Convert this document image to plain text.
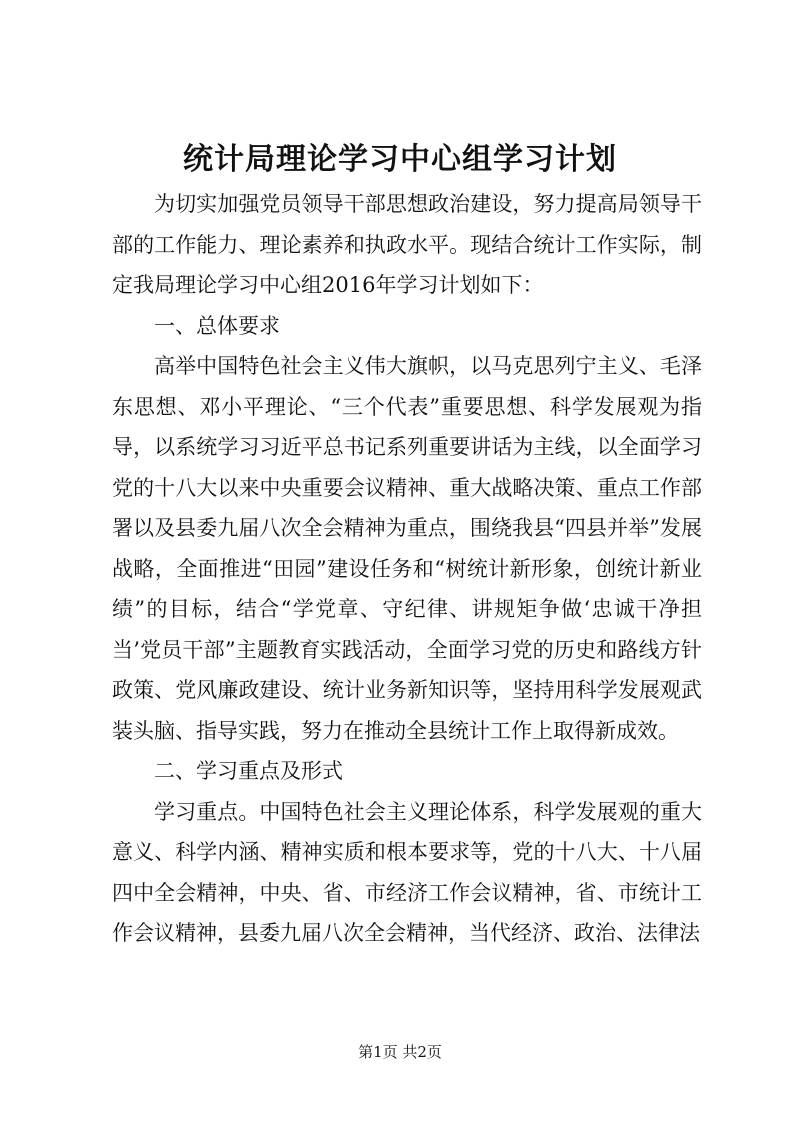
统计局理论学习中心组学习计划

为切实加强党员领导干部思想政治建设，努力提高局领导干部的工作能力、理论素养和执政水平。现结合统计工作实际，制定我局理论学习中心组2016年学习计划如下：

一、总体要求

高举中国特色社会主义伟大旗帜，以马克思列宁主义、毛泽东思想、邓小平理论、“三个代表”重要思想、科学发展观为指导，以系统学习习近平总书记系列重要讲话为主线，以全面学习党的十八大以来中央重要会议精神、重大战略决策、重点工作部署以及县委九届八次全会精神为重点，围绕我县“四县并举”发展战略，全面推进“田园”建设任务和“树统计新形象，创统计新业绩”的目标，结合“学党章、守纪律、讲规矩争做‘忠诚干净担当’党员干部”主题教育实践活动，全面学习党的历史和路线方针政策、党风廉政建设、统计业务新知识等，坚持用科学发展观武装头脑、指导实践，努力在推动全县统计工作上取得新成效。

二、学习重点及形式

学习重点。中国特色社会主义理论体系，科学发展观的重大意义、科学内涵、精神实质和根本要求等，党的十八大、十八届四中全会精神，中央、省、市经济工作会议精神，省、市统计工作会议精神，县委九届八次全会精神，当代经济、政治、法律法

第1页 共2页
